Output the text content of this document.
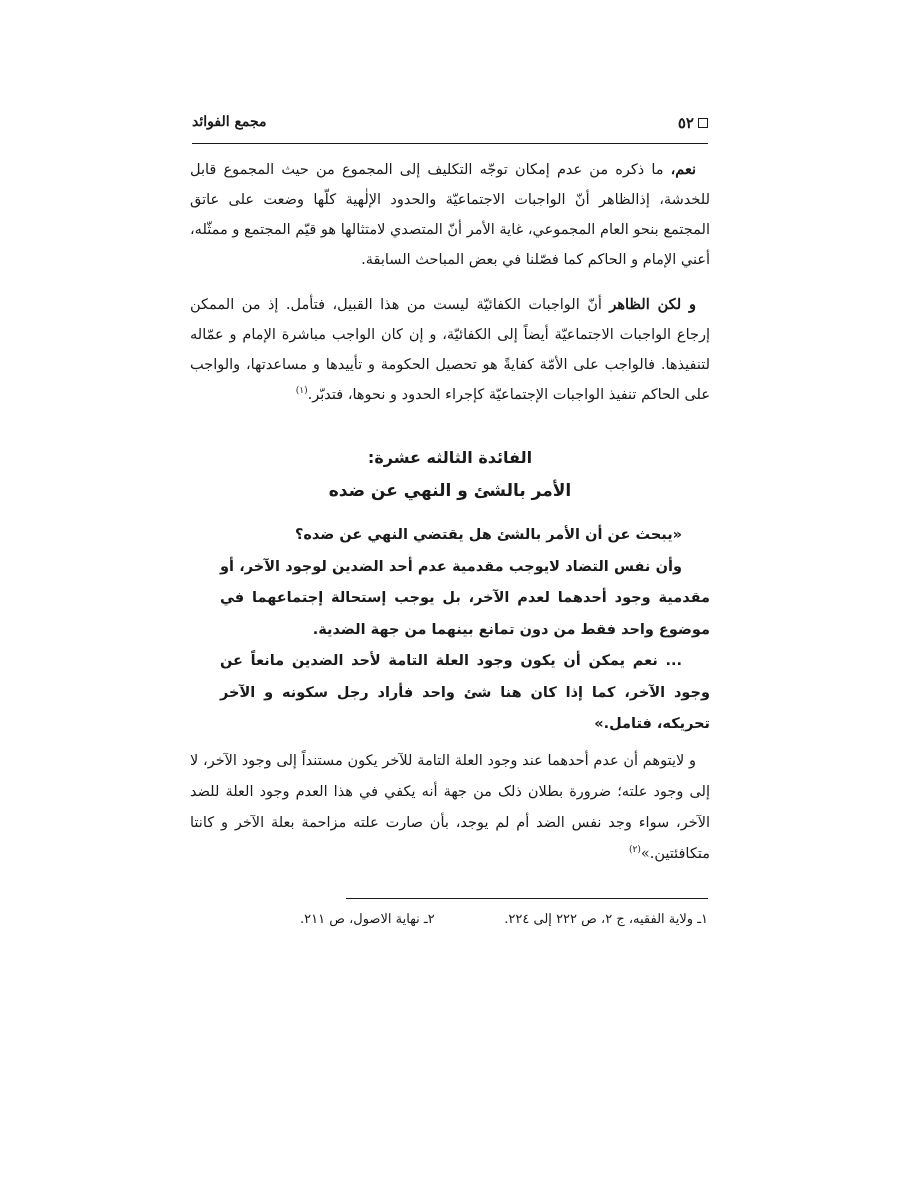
٥٢
مجمع الفوائد

نعم، ما ذكره من عدم إمكان توجّه التكليف إلى المجموع من حيث المجموع قابل للخدشة، إذالظاهر أنّ الواجبات الاجتماعيّة والحدود الإلٰهية كلّها وضعت على عاتق المجتمع بنحو العام المجموعي، غاية الأمر أنّ المتصدي لامتثالها هو قيّم المجتمع و ممثّله، أعني الإمام و الحاكم كما فصّلنا في بعض المباحث السابقة.

و لكن الظاهر أنّ الواجبات الكفائيّة ليست من هذا القبيل، فتأمل. إذ من الممكن إرجاع الواجبات الاجتماعيّة أيضاً إلى الكفائيّة، و إن كان الواجب مباشرة الإمام و عمّاله لتنفيذها. فالواجب على الأمّة كفايةً هو تحصيل الحكومة و تأييدها و مساعدتها، والواجب على الحاكم تنفيذ الواجبات الإجتماعيّة كإجراء الحدود و نحوها، فتدبّر.$^{(١)}$

الفائدة الثالثه عشرة:
الأمر بالشئ و النهي عن ضده

«يبحث عن أن الأمر بالشئ هل يقتضي النهي عن ضده؟

وأن نفس التضاد لايوجب مقدمية عدم أحد الضدين لوجود الآخر، أو مقدمية وجود أحدهما لعدم الآخر، بل يوجب إستحالة إجتماعهما في موضوع واحد فقط من دون تمانع بينهما من جهة الضدية.

... نعم يمكن أن يكون وجود العلة التامة لأحد الضدين مانعاً عن وجود الآخر، كما إذا كان هنا شئ واحد فأراد رجل سكونه و الآخر تحريكه، فتامل.»

و لايتوهم أن عدم أحدهما عند وجود العلة التامة للآخر يكون مستنداً إلى وجود الآخر، لا إلى وجود علته؛ ضرورة بطلان ذلک من جهة أنه يكفي في هذا العدم وجود العلة للضد الآخر، سواء وجد نفس الضد أم لم يوجد، بأن صارت علته مزاحمة بعلة الآخر و كانتا متكافئتين.»$^{(٢)}$

١ـ ولاية الفقيه، ج ٢، ص ٢٢٢ إلى ٢٢٤.
٢ـ نهاية الاصول، ص ٢١١.
